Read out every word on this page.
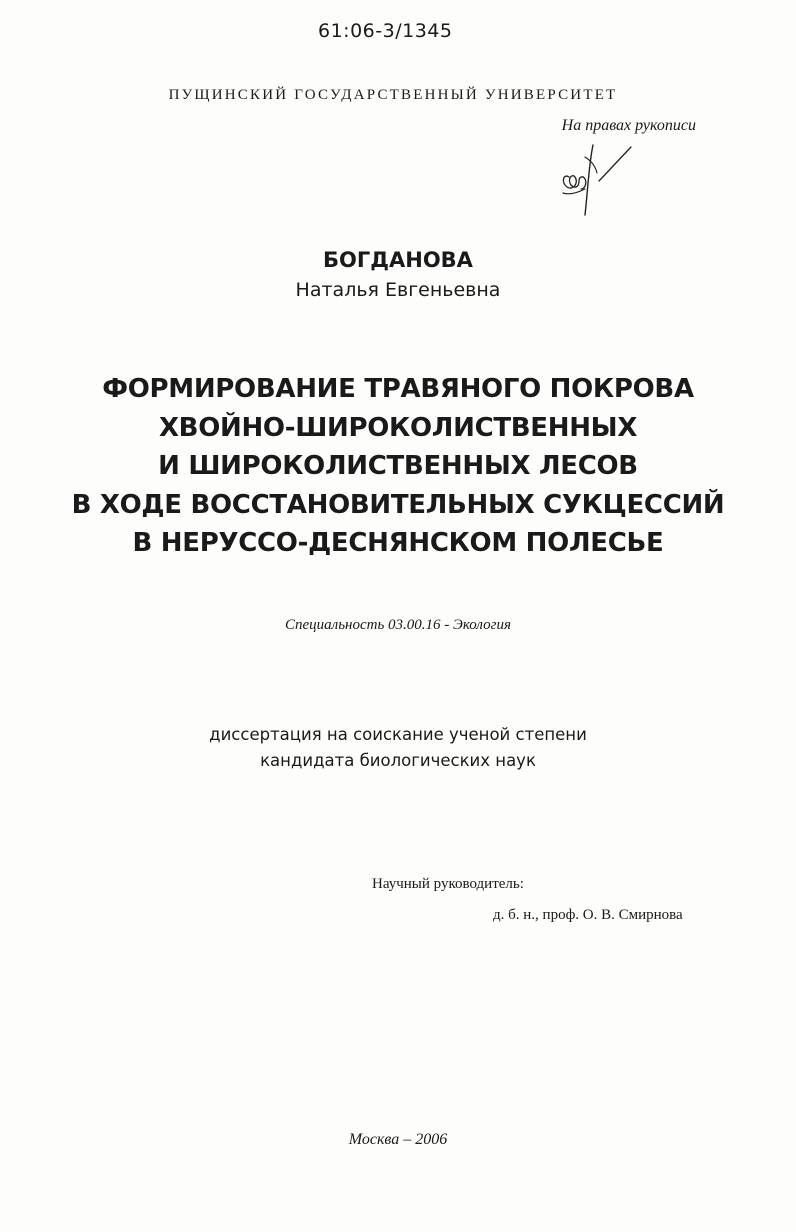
61:06-3/1345
ПУЩИНСКИЙ ГОСУДАРСТВЕННЫЙ УНИВЕРСИТЕТ
На правах рукописи
БОГДАНОВА
Наталья Евгеньевна
ФОРМИРОВАНИЕ ТРАВЯНОГО ПОКРОВА
ХВОЙНО-ШИРОКОЛИСТВЕННЫХ
И ШИРОКОЛИСТВЕННЫХ ЛЕСОВ
В ХОДЕ ВОССТАНОВИТЕЛЬНЫХ СУКЦЕССИЙ
В НЕРУССО-ДЕСНЯНСКОМ ПОЛЕСЬЕ
Специальность 03.00.16 - Экология
диссертация на соискание ученой степени
кандидата биологических наук
Научный руководитель:
д. б. н., проф. О. В. Смирнова
Москва – 2006
